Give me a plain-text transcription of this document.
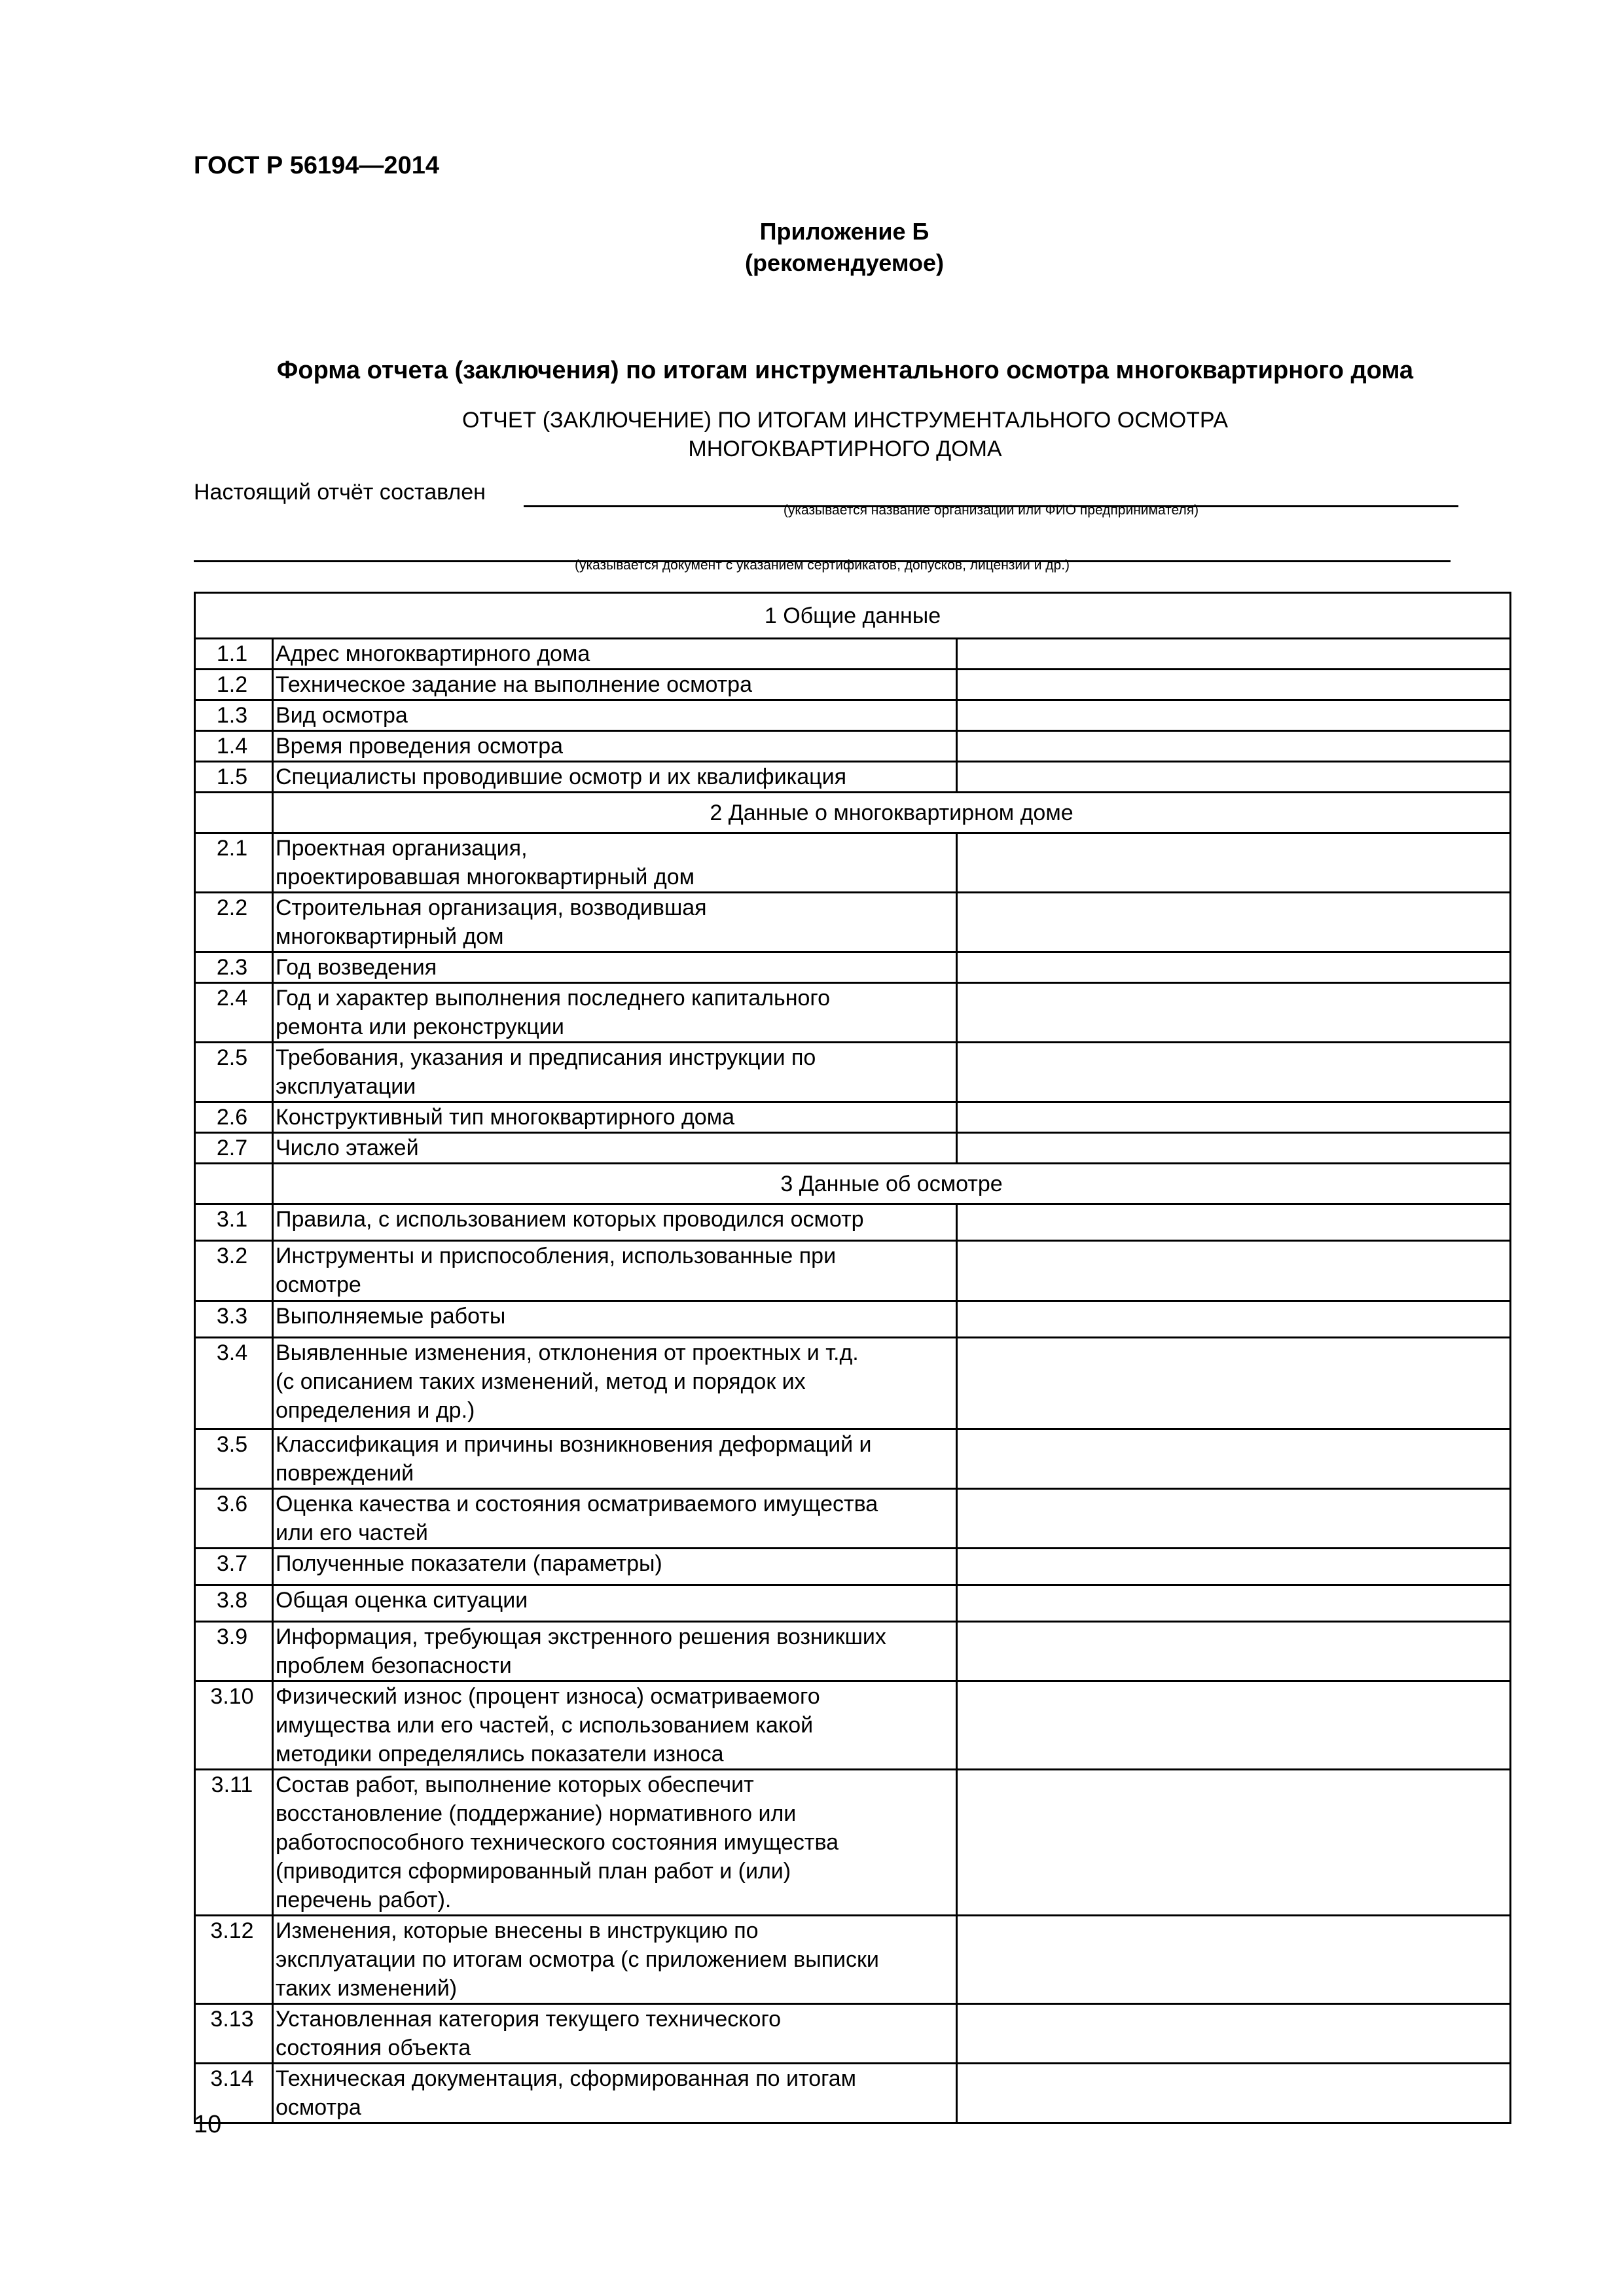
ГОСТ Р 56194—2014
Приложение Б
(рекомендуемое)
Форма отчета (заключения) по итогам инструментального осмотра многоквартирного дома
ОТЧЕТ (ЗАКЛЮЧЕНИЕ) ПО ИТОГАМ ИНСТРУМЕНТАЛЬНОГО ОСМОТРА
МНОГОКВАРТИРНОГО ДОМА
Настоящий отчёт составлен
(указывается название организации или ФИО предпринимателя)
(указывается документ с указанием сертификатов, допусков, лицензии и др.)
1 Общие данные		
1.1	Адрес многоквартирного дома	
1.2	Техническое задание на выполнение осмотра	
1.3	Вид осмотра	
1.4	Время проведения осмотра	
1.5	Специалисты проводившие осмотр и их квалификация	
	2 Данные о многоквартирном доме	
2.1	Проектная организация,
проектировавшая многоквартирный дом	
2.2	Строительная организация, возводившая
многоквартирный дом	
2.3	Год возведения	
2.4	Год и характер выполнения последнего капитального
ремонта или реконструкции	
2.5	Требования, указания и предписания инструкции по
эксплуатации	
2.6	Конструктивный тип многоквартирного дома	
2.7	Число этажей	
	3 Данные об осмотре	
3.1	Правила, с использованием которых проводился осмотр	
3.2	Инструменты и приспособления, использованные при
осмотре	
3.3	Выполняемые работы	
3.4	Выявленные изменения, отклонения от проектных и т.д.
(с описанием таких изменений, метод и порядок их
определения и др.)	
3.5	Классификация и причины возникновения деформаций и
повреждений	
3.6	Оценка качества и состояния осматриваемого имущества
или его частей	
3.7	Полученные показатели (параметры)	
3.8	Общая оценка ситуации	
3.9	Информация, требующая экстренного решения возникших
проблем безопасности	
3.10	Физический износ (процент износа) осматриваемого
имущества или его частей, с использованием какой
методики определялись показатели износа	
3.11	Состав работ, выполнение которых обеспечит
восстановление (поддержание) нормативного или
работоспособного технического состояния имущества
(приводится сформированный план работ и (или)
перечень работ).	
3.12	Изменения, которые внесены в инструкцию по
эксплуатации по итогам осмотра (с приложением выписки
таких изменений)	
3.13	Установленная категория текущего технического
состояния объекта	
3.14	Техническая документация, сформированная по итогам
осмотра	
10
